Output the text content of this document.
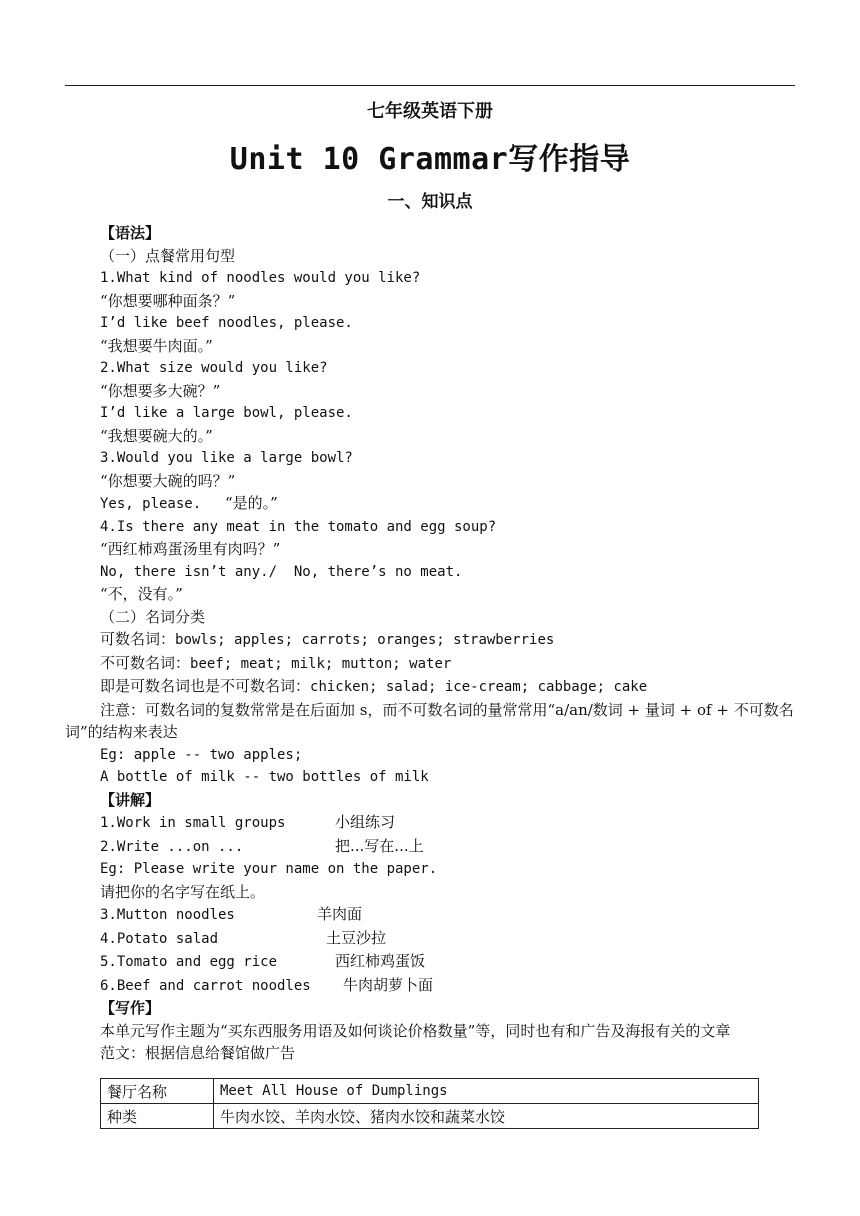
七年级英语下册
Unit 10 Grammar写作指导
一、知识点
【语法】
（一）点餐常用句型
1.What kind of noodles would you like?
“你想要哪种面条？”
I’d like beef noodles, please.
“我想要牛肉面。”
2.What size would you like?
“你想要多大碗？”
I’d like a large bowl, please.
“我想要碗大的。”
3.Would you like a large bowl?
“你想要大碗的吗？”
Yes, please. “是的。”
4.Is there any meat in the tomato and egg soup?
“西红柿鸡蛋汤里有肉吗？”
No, there isn’t any./  No, there’s no meat.
“不，没有。”
（二）名词分类
可数名词：bowls; apples; carrots; oranges; strawberries
不可数名词：beef; meat; milk; mutton; water
即是可数名词也是不可数名词：chicken; salad; ice-cream; cabbage; cake
注意：可数名词的复数常常是在后面加 s，而不可数名词的量常常用“a/an/数词 + 量词 + of + 不可数名词”的结构来表达
Eg: apple -- two apples;
A bottle of milk -- two bottles of milk
【讲解】
1.Work in small groups	小组练习
2.Write ...on ...	把...写在...上
Eg: Please write your name on the paper.
请把你的名字写在纸上。
3.Mutton noodles	羊肉面
4.Potato salad	土豆沙拉
5.Tomato and egg rice	西红柿鸡蛋饭
6.Beef and carrot noodles 牛肉胡萝卜面
【写作】
本单元写作主题为“买东西服务用语及如何谈论价格数量”等，同时也有和广告及海报有关的文章
范文：根据信息给餐馆做广告
餐厅名称	Meet All House of Dumplings
种类	牛肉水饺、羊肉水饺、猪肉水饺和蔬菜水饺
